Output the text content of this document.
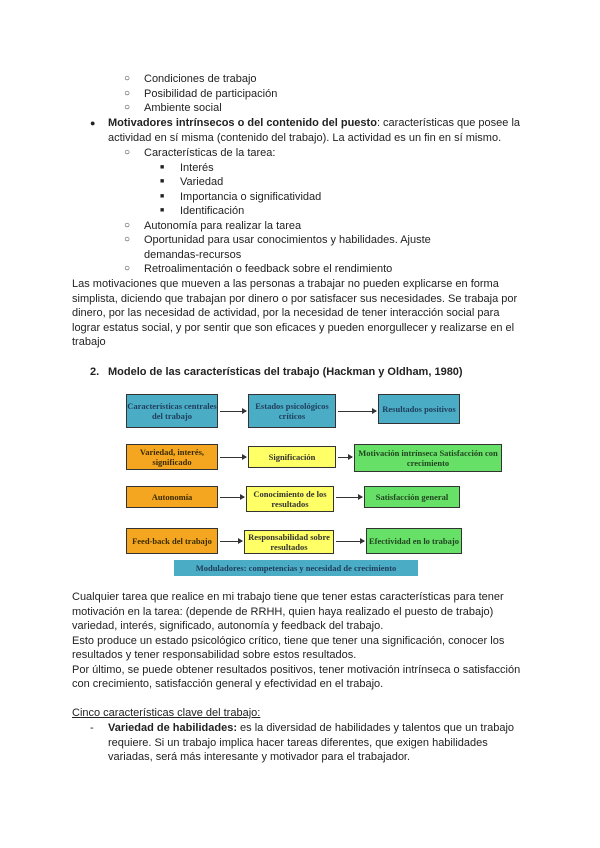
○ Condiciones de trabajo
○ Posibilidad de participación
○ Ambiente social
● Motivadores intrínsecos o del contenido del puesto: características que posee la
actividad en sí misma (contenido del trabajo). La actividad es un fin en sí mismo.
○ Características de la tarea:
■ Interés
■ Variedad
■ Importancia o significatividad
■ Identificación
○ Autonomía para realizar la tarea
○ Oportunidad para usar conocimientos y habilidades. Ajuste
demandas-recursos
○ Retroalimentación o feedback sobre el rendimiento
Las motivaciones que mueven a las personas a trabajar no pueden explicarse en forma
simplista, diciendo que trabajan por dinero o por satisfacer sus necesidades. Se trabaja por
dinero, por las necesidad de actividad, por la necesidad de tener interacción social para
lograr estatus social, y por sentir que son eficaces y pueden enorgullecer y realizarse en el
trabajo
2. Modelo de las características del trabajo (Hackman y Oldham, 1980)
Características centrales del trabajo
Estados psicológicos críticos
Resultados positivos
Variedad, interés, significado	Significación	Motivación intrínseca Satisfacción con crecimiento
Autonomía	Conocimiento de los resultados
Satisfacción general
Feed-back del trabajo	Responsabilidad sobre resultados
Efectividad en lo trabajo
Moduladores: competencias y necesidad de crecimiento
Cualquier tarea que realice en mi trabajo tiene que tener estas características para tener
motivación en la tarea: (depende de RRHH, quien haya realizado el puesto de trabajo)
variedad, interés, significado, autonomía y feedback del trabajo.
Esto produce un estado psicológico crítico, tiene que tener una significación, conocer los
resultados y tener responsabilidad sobre estos resultados.
Por último, se puede obtener resultados positivos, tener motivación intrínseca o satisfacción
con crecimiento, satisfacción general y efectividad en el trabajo.
Cinco características clave del trabajo:
- Variedad de habilidades: es la diversidad de habilidades y talentos que un trabajo
requiere. Si un trabajo implica hacer tareas diferentes, que exigen habilidades
variadas, será más interesante y motivador para el trabajador.
